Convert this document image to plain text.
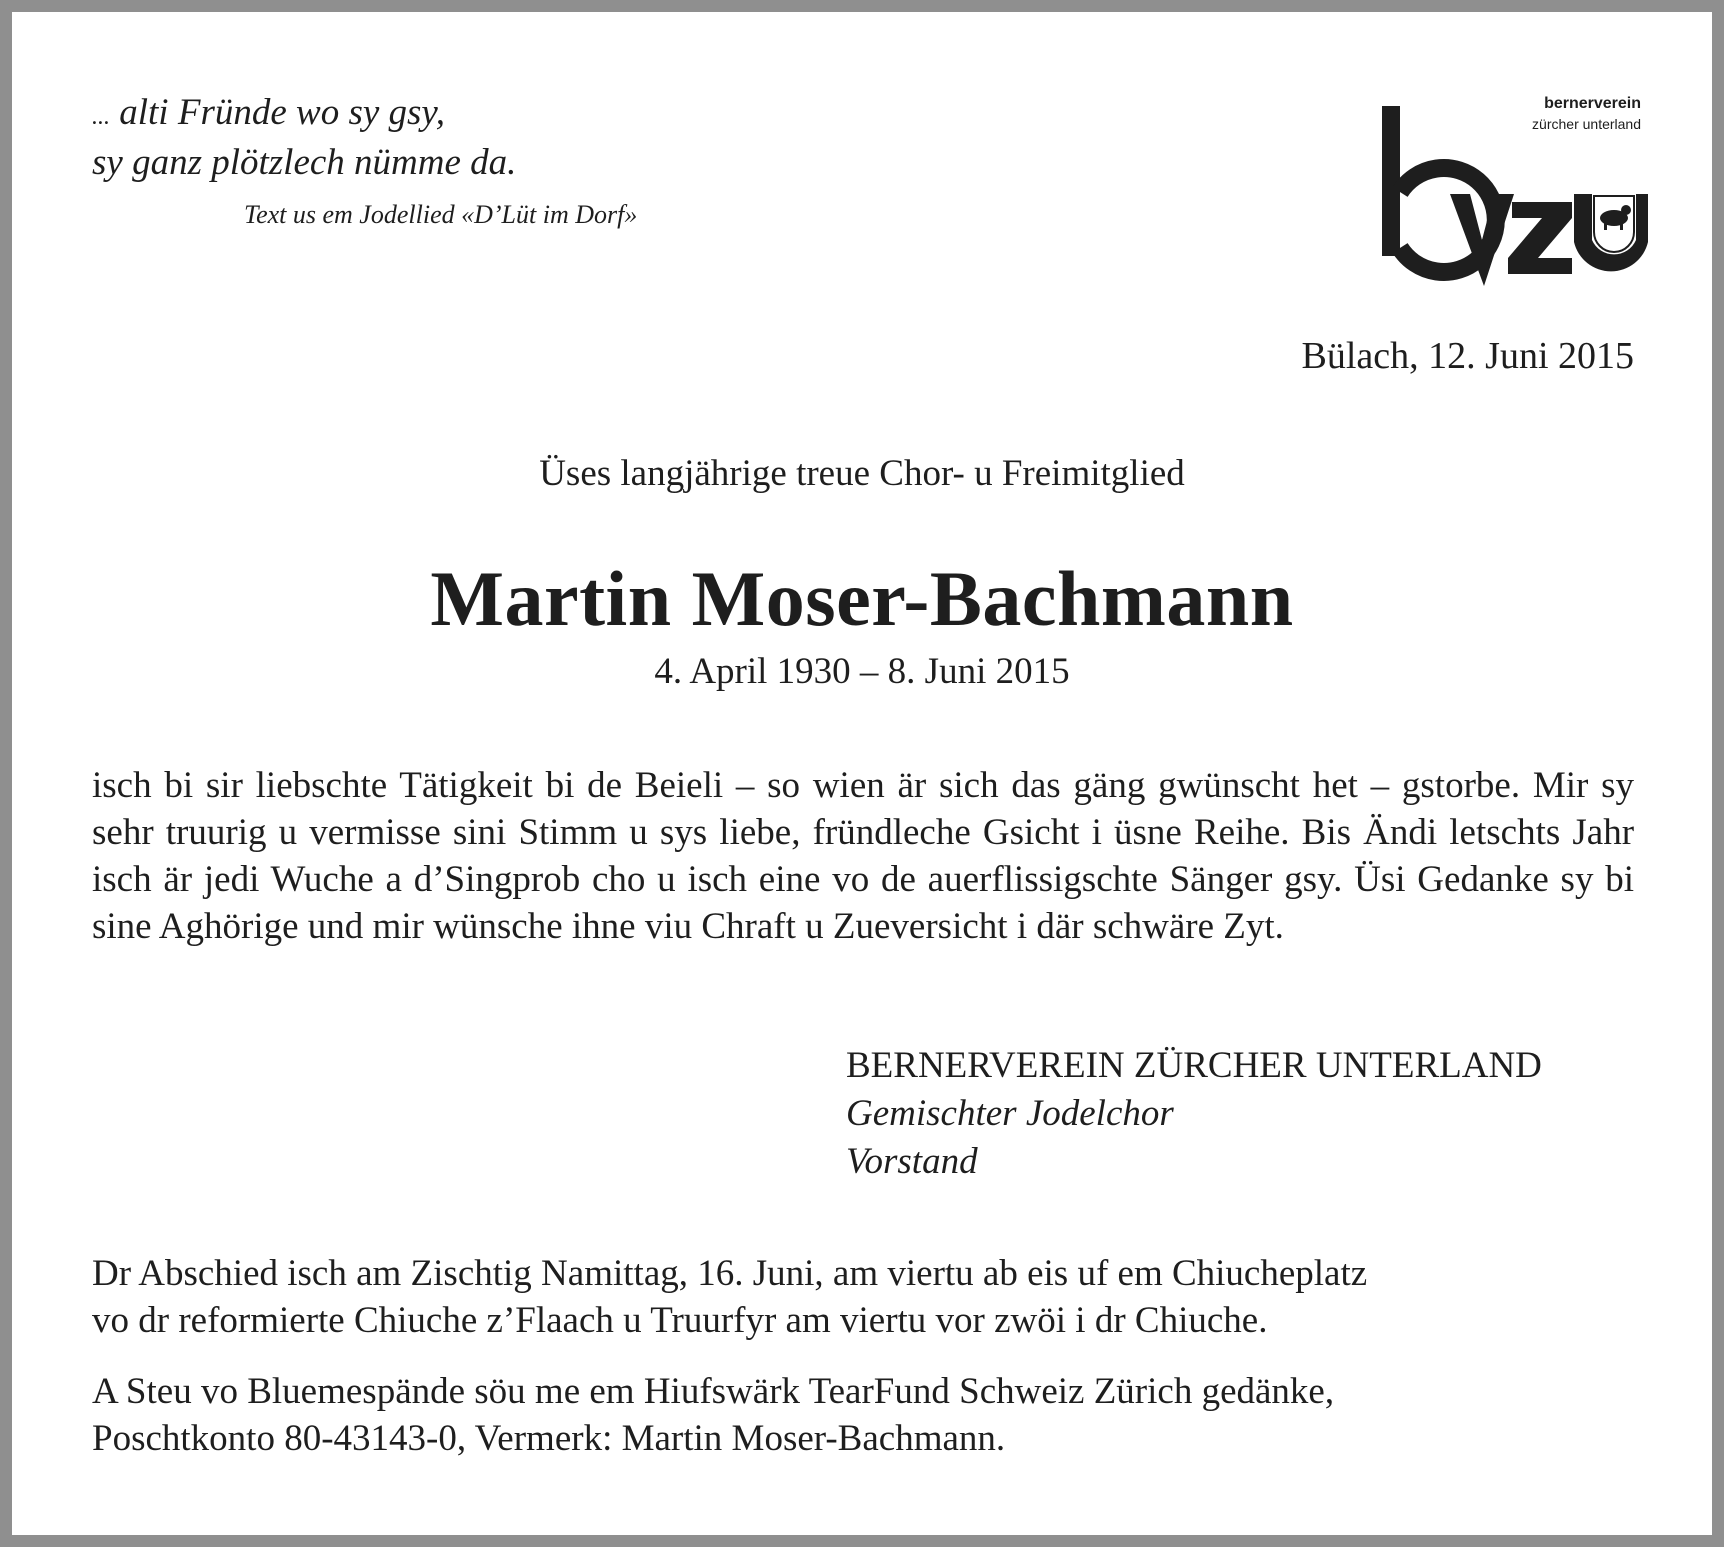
... alti Fründe wo sy gsy,
sy ganz plötzlech nümme da.
Text us em Jodellied «D’Lüt im Dorf»
bernerverein
zürcher unterland
Bülach, 12. Juni 2015
Üses langjährige treue Chor- u Freimitglied
Martin Moser-Bachmann
4. April 1930 – 8. Juni 2015
isch bi sir liebschte Tätigkeit bi de Beieli – so wien är sich das gäng gwünscht het – gstorbe. Mir sy sehr truurig u vermisse sini Stimm u sys liebe, fründleche Gsicht i üsne Reihe. Bis Ändi letschts Jahr isch är jedi Wuche a d’Singprob cho u isch eine vo de auerflissigschte Sänger gsy. Üsi Gedanke sy bi sine Aghörige und mir wünsche ihne viu Chraft u Zueversicht i där schwäre Zyt.
BERNERVEREIN ZÜRCHER UNTERLAND
Gemischter Jodelchor
Vorstand
Dr Abschied isch am Zischtig Namittag, 16. Juni, am viertu ab eis uf em Chiucheplatz
vo dr reformierte Chiuche z’Flaach u Truurfyr am viertu vor zwöi i dr Chiuche.
A Steu vo Bluemespände söu me em Hiufswärk TearFund Schweiz Zürich gedänke,
Poschtkonto 80-43143-0, Vermerk: Martin Moser-Bachmann.
